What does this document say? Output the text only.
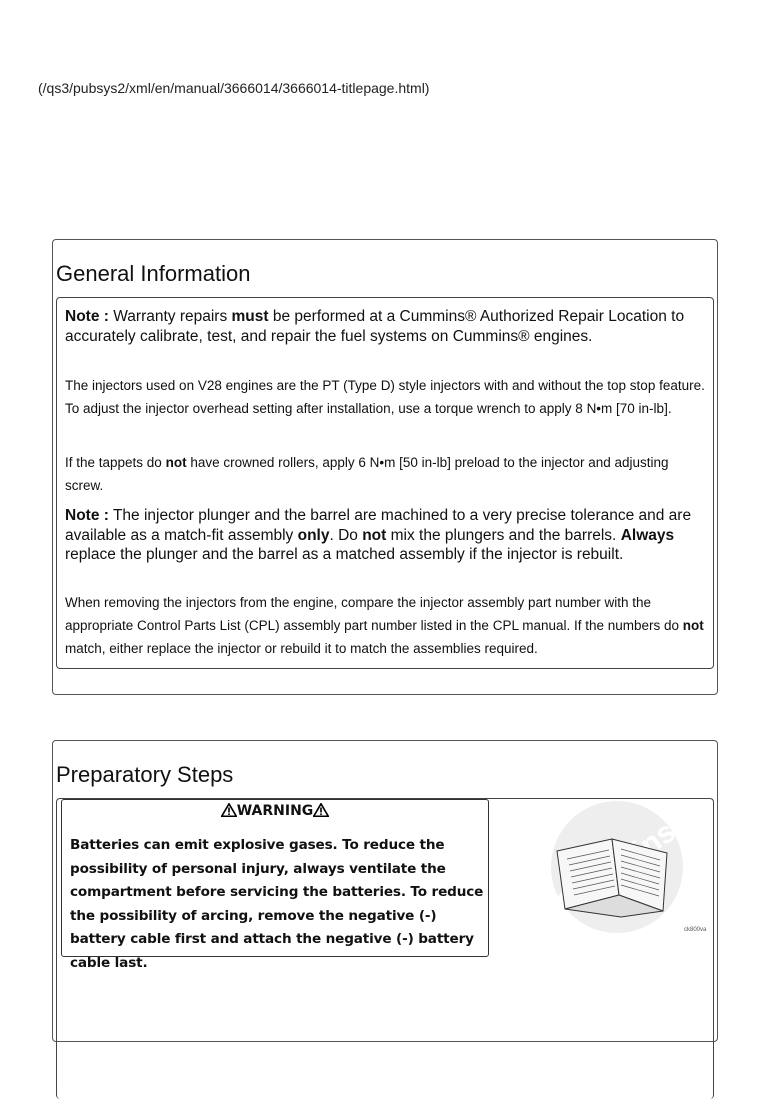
(/qs3/pubsys2/xml/en/manual/3666014/3666014-titlepage.html)
General Information
Note : Warranty repairs must be performed at a Cummins® Authorized Repair Location to accurately calibrate, test, and repair the fuel systems on Cummins® engines.
The injectors used on V28 engines are the PT (Type D) style injectors with and without the top stop feature. To adjust the injector overhead setting after installation, use a torque wrench to apply 8 N•m [70 in-lb].
If the tappets do not have crowned rollers, apply 6 N•m [50 in-lb] preload to the injector and adjusting screw.
Note : The injector plunger and the barrel are machined to a very precise tolerance and are available as a match-fit assembly only. Do not mix the plungers and the barrels. Always replace the plunger and the barrel as a matched assembly if the injector is rebuilt.
When removing the injectors from the engine, compare the injector assembly part number with the appropriate Control Parts List (CPL) assembly part number listed in the CPL manual. If the numbers do not match, either replace the injector or rebuild it to match the assemblies required.
Preparatory Steps
WARNING
Batteries can emit explosive gases. To reduce the possibility of personal injury, always ventilate the compartment before servicing the batteries. To reduce the possibility of arcing, remove the negative (-) battery cable first and attach the negative (-) battery cable last.
ck800va
